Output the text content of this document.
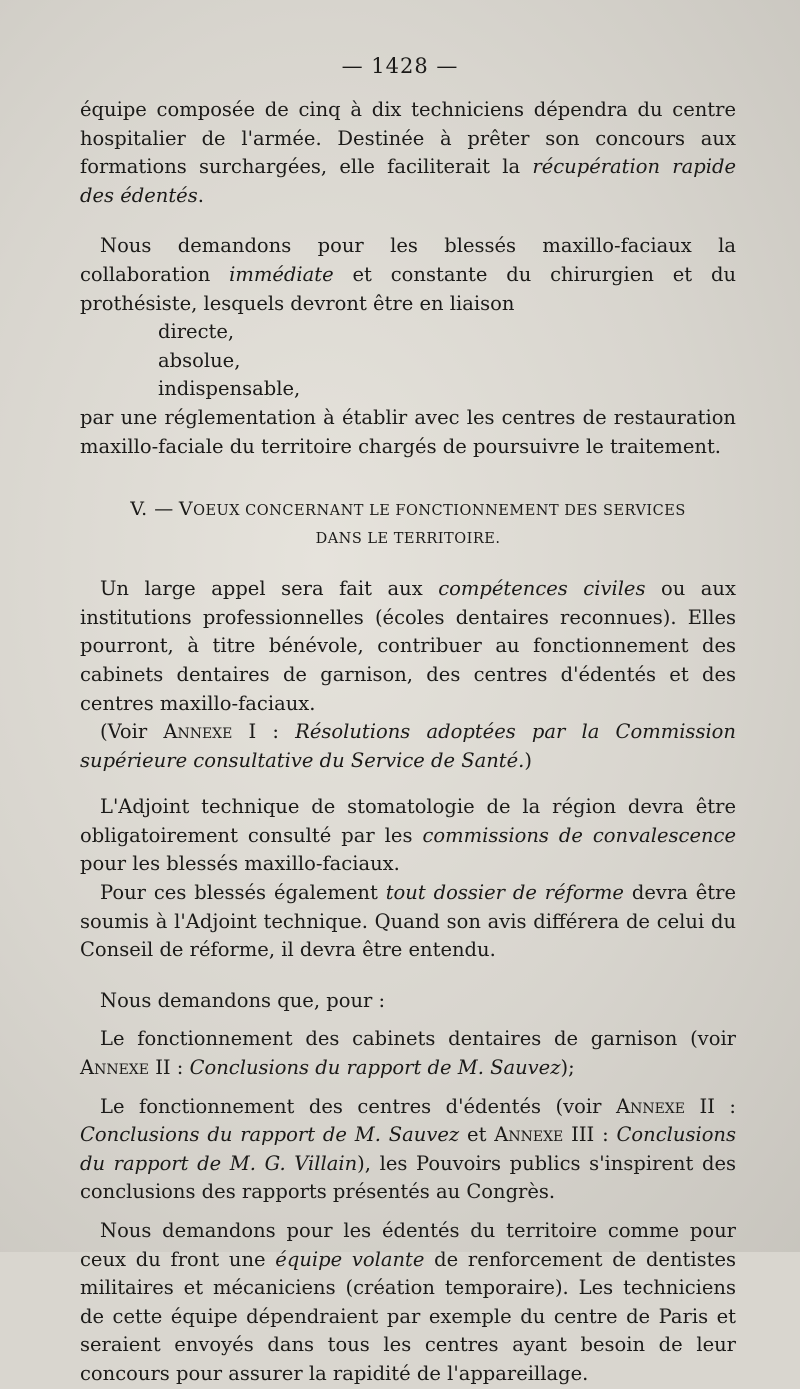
— 1428 —

équipe composée de cinq à dix techniciens dépendra du centre hospitalier de l'armée. Destinée à prêter son concours aux formations surchargées, elle faciliterait la récupération rapide des édentés.

Nous demandons pour les blessés maxillo-faciaux la collaboration immédiate et constante du chirurgien et du prothésiste, lesquels devront être en liaison

directe,

absolue,

indispensable,

par une réglementation à établir avec les centres de restauration maxillo-faciale du territoire chargés de poursuivre le traitement.

V. — VOEUX CONCERNANT LE FONCTIONNEMENT DES SERVICES
DANS LE TERRITOIRE.

Un large appel sera fait aux compétences civiles ou aux institutions professionnelles (écoles dentaires reconnues). Elles pourront, à titre bénévole, contribuer au fonctionnement des cabinets dentaires de garnison, des centres d'édentés et des centres maxillo-faciaux.

(Voir Annexe I : Résolutions adoptées par la Commission supérieure consultative du Service de Santé.)

L'Adjoint technique de stomatologie de la région devra être obligatoirement consulté par les commissions de convalescence pour les blessés maxillo-faciaux.

Pour ces blessés également tout dossier de réforme devra être soumis à l'Adjoint technique. Quand son avis différera de celui du Conseil de réforme, il devra être entendu.

Nous demandons que, pour :

Le fonctionnement des cabinets dentaires de garnison (voir Annexe II : Conclusions du rapport de M. Sauvez);

Le fonctionnement des centres d'édentés (voir Annexe II : Conclusions du rapport de M. Sauvez et Annexe III : Conclusions du rapport de M. G. Villain), les Pouvoirs publics s'inspirent des conclusions des rapports présentés au Congrès.

Nous demandons pour les édentés du territoire comme pour ceux du front une équipe volante de renforcement de dentistes militaires et mécaniciens (création temporaire). Les techniciens de cette équipe dépendraient par exemple du centre de Paris et seraient envoyés dans tous les centres ayant besoin de leur concours pour assurer la rapidité de l'appareillage.
